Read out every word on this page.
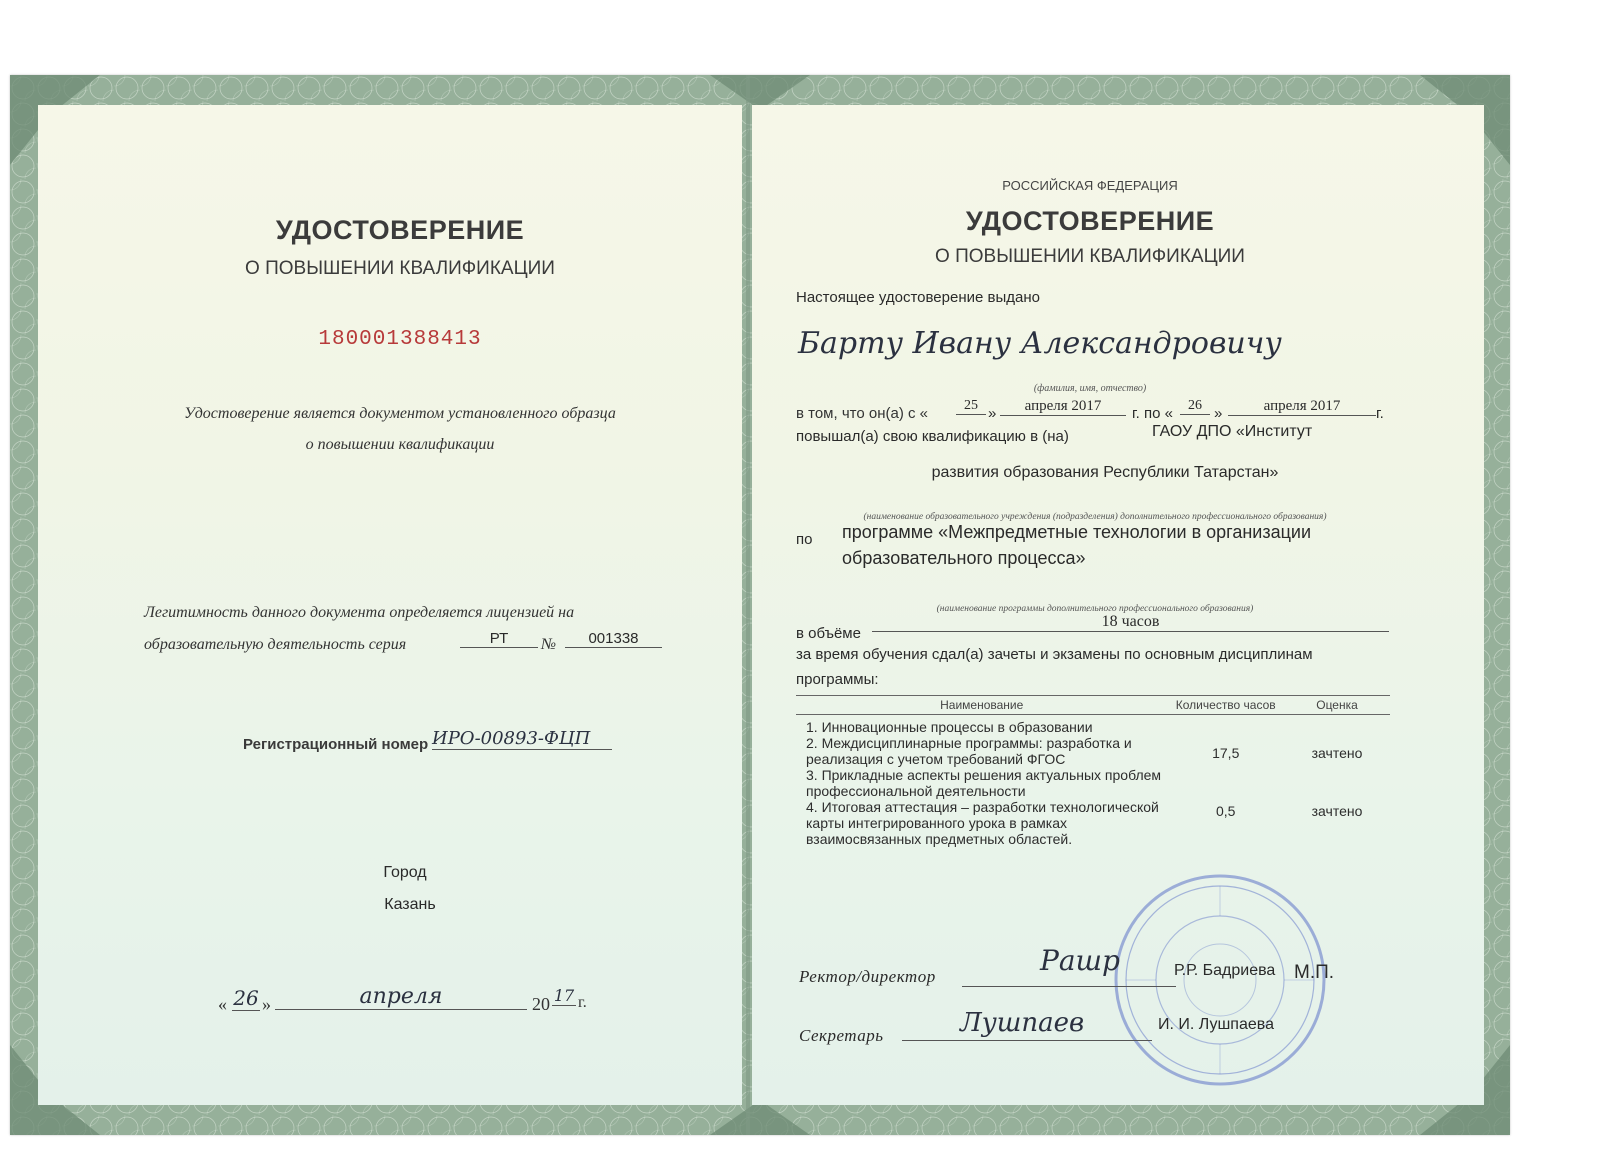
УДОСТОВЕРЕНИЕ
О ПОВЫШЕНИИ КВАЛИФИКАЦИИ
180001388413
Удостоверение является документом установленного образца
о повышении квалификации
Легитимность данного документа определяется лицензией на
образовательную деятельность серия	РТ	№	001338
Регистрационный номер ИРО-00893-ФЦП
Город
Казань
« 26 »	апреля	20 17 г.
РОССИЙСКАЯ ФЕДЕРАЦИЯ
УДОСТОВЕРЕНИЕ
О ПОВЫШЕНИИ КВАЛИФИКАЦИИ
Настоящее удостоверение выдано
Барту Ивану Александровичу
(фамилия, имя, отчество)
в том, что он(а) с «	25 »	апреля 2017	г. по «	26 »	апреля 2017	г.
повышал(а) свою квалификацию в (на)	ГАОУ ДПО «Институт
развития образования Республики Татарстан»
(наименование образовательного учреждения (подразделения) дополнительного профессионального образования)
по программе «Межпредметные технологии в организации
образовательного процесса»
(наименование программы дополнительного профессионального образования)
в объёме
18 часов
за время обучения сдал(а) зачеты и экзамены по основным дисциплинам
программы:
Наименование	Количество часов	Оценка
1. Инновационные процессы в образовании		
2. Междисциплинарные программы: разработка и реализация с учетом требований ФГОС	17,5	зачтено
3. Прикладные аспекты решения актуальных проблем профессиональной деятельности		
4. Итоговая аттестация – разработки технологической карты интегрированного урока в рамках взаимосвязанных предметных областей.	0,5	зачтено
Ректор/директор	Рашр	Р.Р. Бадриева М.П.
Секретарь	Лушпаев	И. И. Лушпаева
